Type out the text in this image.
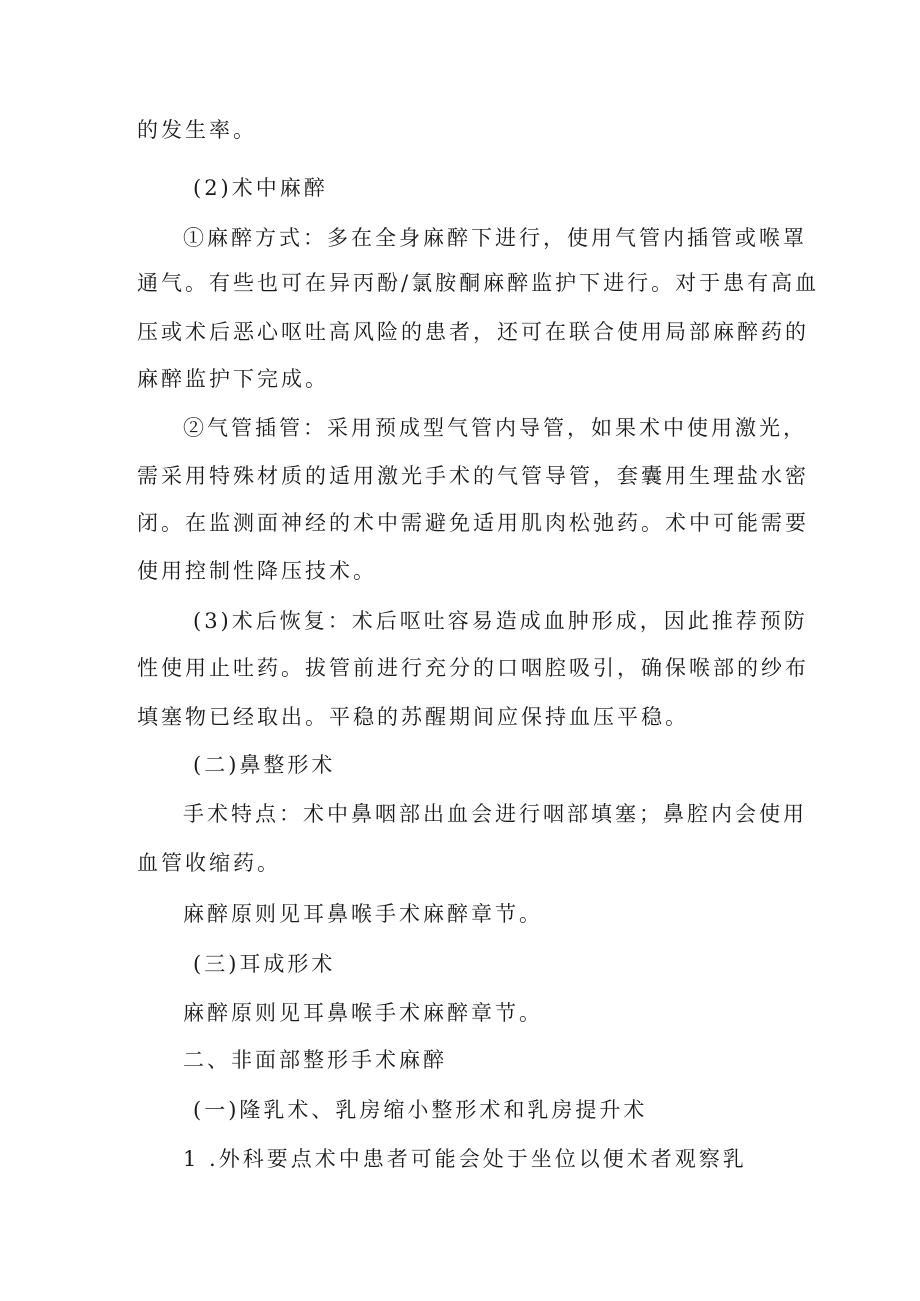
的发生率。

(2)术中麻醉

①麻醉方式：多在全身麻醉下进行，使用气管内插管或喉罩

通气。有些也可在异丙酚/氯胺酮麻醉监护下进行。对于患有高血

压或术后恶心呕吐高风险的患者，还可在联合使用局部麻醉药的

麻醉监护下完成。

②气管插管：采用预成型气管内导管，如果术中使用激光，

需采用特殊材质的适用激光手术的气管导管，套囊用生理盐水密

闭。在监测面神经的术中需避免适用肌肉松弛药。术中可能需要

使用控制性降压技术。

(3)术后恢复：术后呕吐容易造成血肿形成，因此推荐预防

性使用止吐药。拔管前进行充分的口咽腔吸引，确保喉部的纱布

填塞物已经取出。平稳的苏醒期间应保持血压平稳。

(二)鼻整形术

手术特点：术中鼻咽部出血会进行咽部填塞；鼻腔内会使用

血管收缩药。

麻醉原则见耳鼻喉手术麻醉章节。

(三)耳成形术

麻醉原则见耳鼻喉手术麻醉章节。

二、非面部整形手术麻醉

(一)隆乳术、乳房缩小整形术和乳房提升术

1 .外科要点术中患者可能会处于坐位以便术者观察乳
